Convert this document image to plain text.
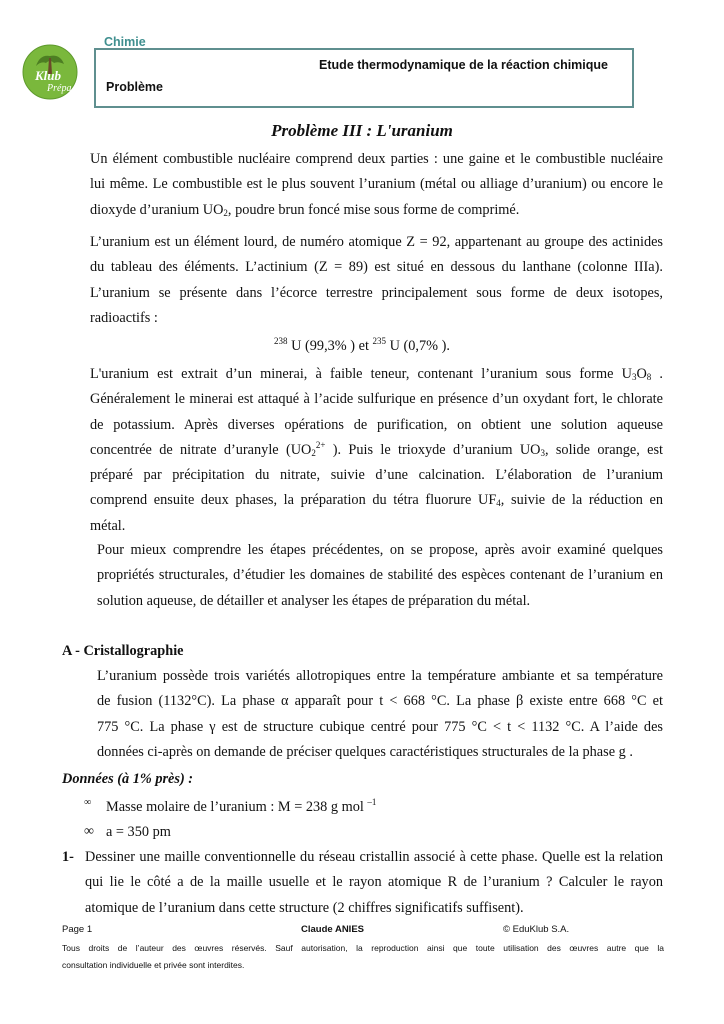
Klub
Prépa
Chimie
Etude thermodynamique de la réaction chimique
Problème
Problème III : L'uranium
Un élément combustible nucléaire comprend deux parties : une gaine et le combustible nucléaire
lui même. Le combustible est le plus souvent l’uranium (métal ou alliage d’uranium) ou encore le
dioxyde d’uranium $UO_2$, poudre brun foncé mise sous forme de comprimé.
L’uranium est un élément lourd, de numéro atomique Z = 92, appartenant au groupe des actinides
du tableau des éléments. L’actinium (Z = 89) est situé en dessous du lanthane (colonne IIIa).
L’uranium se présente dans l’écorce terrestre principalement sous forme de deux isotopes,
radioactifs :
$^{238}$ U (99,3% ) et $^{235}$ U (0,7% ).
L'uranium est extrait d’un minerai, à faible teneur, contenant l’uranium sous forme $U_3O_8$ .
Généralement le minerai est attaqué à l’acide sulfurique en présence d’un oxydant fort, le chlorate
de potassium. Après diverses opérations de purification, on obtient une solution aqueuse
concentrée de nitrate d’uranyle ($UO_2^{2+}$ ). Puis le trioxyde d’uranium $UO_3$, solide orange, est
préparé par précipitation du nitrate, suivie d’une calcination. L’élaboration de l’uranium
comprend ensuite deux phases, la préparation du tétra fluorure $UF_4$, suivie de la réduction en
métal.
Pour mieux comprendre les étapes précédentes, on se propose, après avoir examiné quelques
propriétés structurales, d’étudier les domaines de stabilité des espèces contenant de l’uranium en
solution aqueuse, de détailler et analyser les étapes de préparation du métal.
A - Cristallographie
L’uranium possède trois variétés allotropiques entre la température ambiante et sa température
de fusion (1132°C). La phase α apparaît pour t < 668 °C. La phase β existe entre 668 °C et
775 °C. La phase γ est de structure cubique centré pour 775 °C < t < 1132 °C. A l’aide des
données ci-après on demande de préciser quelques caractéristiques structurales de la phase g .
Données (à 1% près) :
∞ Masse molaire de l’uranium : M = 238 g mol $^{-1}$
∞ a = 350 pm
1- Dessiner une maille conventionnelle du réseau cristallin associé à cette phase. Quelle est la relation
qui lie le côté a de la maille usuelle et le rayon atomique R de l’uranium ? Calculer le rayon
atomique de l’uranium dans cette structure (2 chiffres significatifs suffisent).
Page 1	Claude ANIES	© EduKlub S.A.
Tous droits de l’auteur des œuvres réservés. Sauf autorisation, la reproduction ainsi que toute utilisation des œuvres autre que la
consultation individuelle et privée sont interdites.
